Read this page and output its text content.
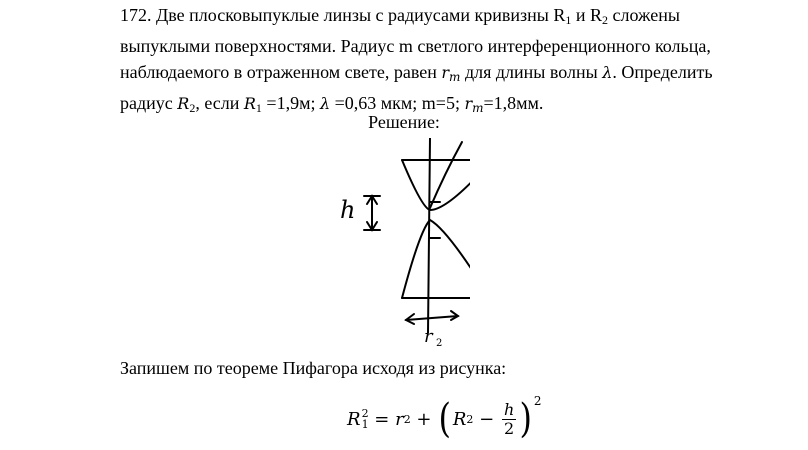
172. Две плосковыпуклые линзы с радиусами кривизны $R_1$ и $R_2$ сложены

выпуклыми поверхностями. Радиус m светлого интерференционного кольца,

наблюдаемого в отраженном свете, равен $r_m$ для длины волны λ. Определить

радиус $R_2$, если $R_1 =1,9м$; λ =0,63 мкм; m=5; $r_m=1,8мм$.

Решение:
h
r 2
Запишем по теореме Пифагора исходя из рисунка:
R 2
1 = r 2 + ( R $2 - \frac{h}{2}$ ) 2
